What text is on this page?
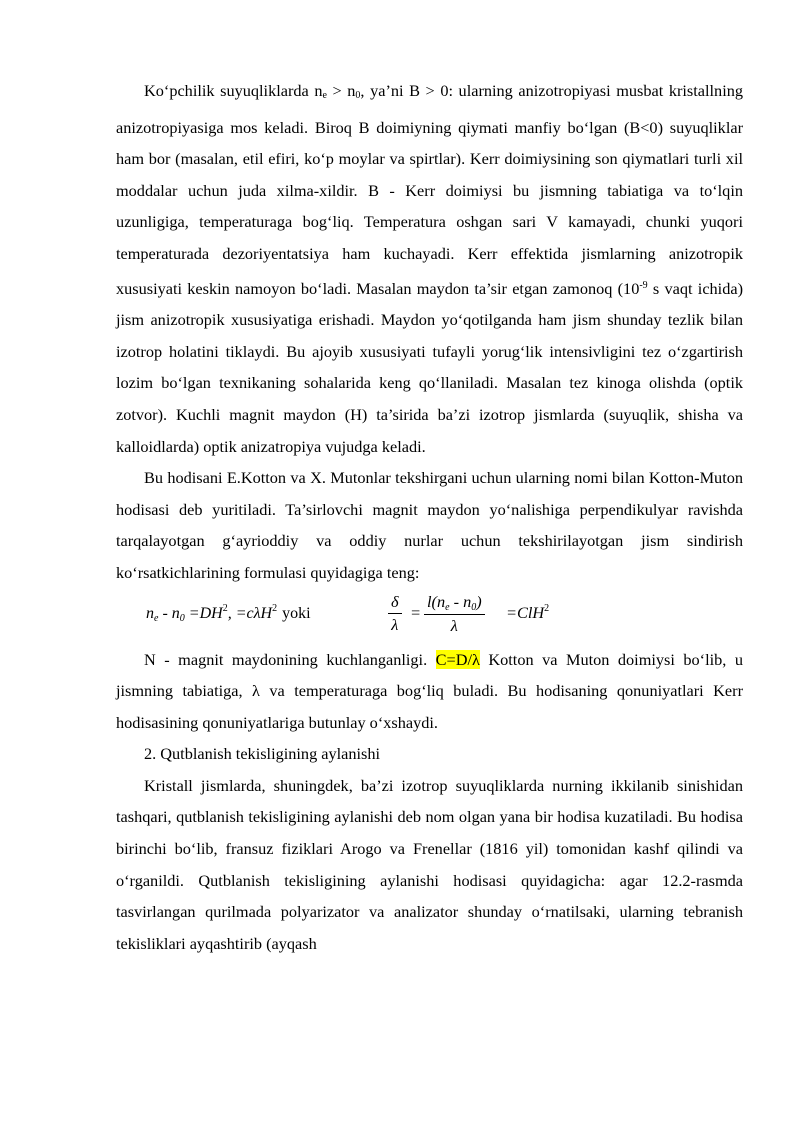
Ko‘pchilik suyuqliklarda $n_e > n_0$, ya’ni B > 0: ularning anizotropiyasi musbat kristallning anizotropiyasiga mos keladi. Biroq B doimiyning qiymati manfiy bo‘lgan (B<0) suyuqliklar ham bor (masalan, etil efiri, ko‘p moylar va spirtlar). Kerr doimiysining son qiymatlari turli xil moddalar uchun juda xilma-xildir. B - Kerr doimiysi bu jismning tabiatiga va to‘lqin uzunligiga, temperaturaga bog‘liq. Temperatura oshgan sari V kamayadi, chunki yuqori temperaturada dezoriyentatsiya ham kuchayadi. Kerr effektida jismlarning anizotropik xususiyati keskin namoyon bo‘ladi. Masalan maydon ta’sir etgan zamonoq ($10^{-9}$ s vaqt ichida) jism anizotropik xususiyatiga erishadi. Maydon yo‘qotilganda ham jism shunday tezlik bilan izotrop holatini tiklaydi. Bu ajoyib xususiyati tufayli yorug‘lik intensivligini tez o‘zgartirish lozim bo‘lgan texnikaning sohalarida keng qo‘llaniladi. Masalan tez kinoga olishda (optik zotvor). Kuchli magnit maydon (H) ta’sirida ba’zi izotrop jismlarda (suyuqlik, shisha va kalloidlarda) optik anizatropiya vujudga keladi.

Bu hodisani E.Kotton va X. Mutonlar tekshirgani uchun ularning nomi bilan Kotton-Muton hodisasi deb yuritiladi. Ta’sirlovchi magnit maydon yo‘nalishiga perpendikulyar ravishda tarqalayotgan g‘ayrioddiy va oddiy nurlar uchun tekshirilayotgan jism sindirish ko‘rsatkichlarining formulasi quyidagiga teng:

$n_e - n_0 =DH^2$, =cλH$^2$ yoki	$\frac{\delta}{\lambda} = \frac{l(n_e - n_0)}{\lambda} =ClH^2$

N - magnit maydonining kuchlanganligi. C=D/λ Kotton va Muton doimiysi bo‘lib, u jismning tabiatiga, λ va temperaturaga bog‘liq buladi. Bu hodisaning qonuniyatlari Kerr hodisasining qonuniyatlariga butunlay o‘xshaydi.

2. Qutblanish tekisligining aylanishi

Kristall jismlarda, shuningdek, ba’zi izotrop suyuqliklarda nurning ikkilanib sinishidan tashqari, qutblanish tekisligining aylanishi deb nom olgan yana bir hodisa kuzatiladi. Bu hodisa birinchi bo‘lib, fransuz fiziklari Arogo va Frenellar (1816 yil) tomonidan kashf qilindi va o‘rganildi. Qutblanish tekisligining aylanishi hodisasi quyidagicha: agar 12.2-rasmda tasvirlangan qurilmada polyarizator va analizator shunday o‘rnatilsaki, ularning tebranish tekisliklari ayqashtirib (ayqash
